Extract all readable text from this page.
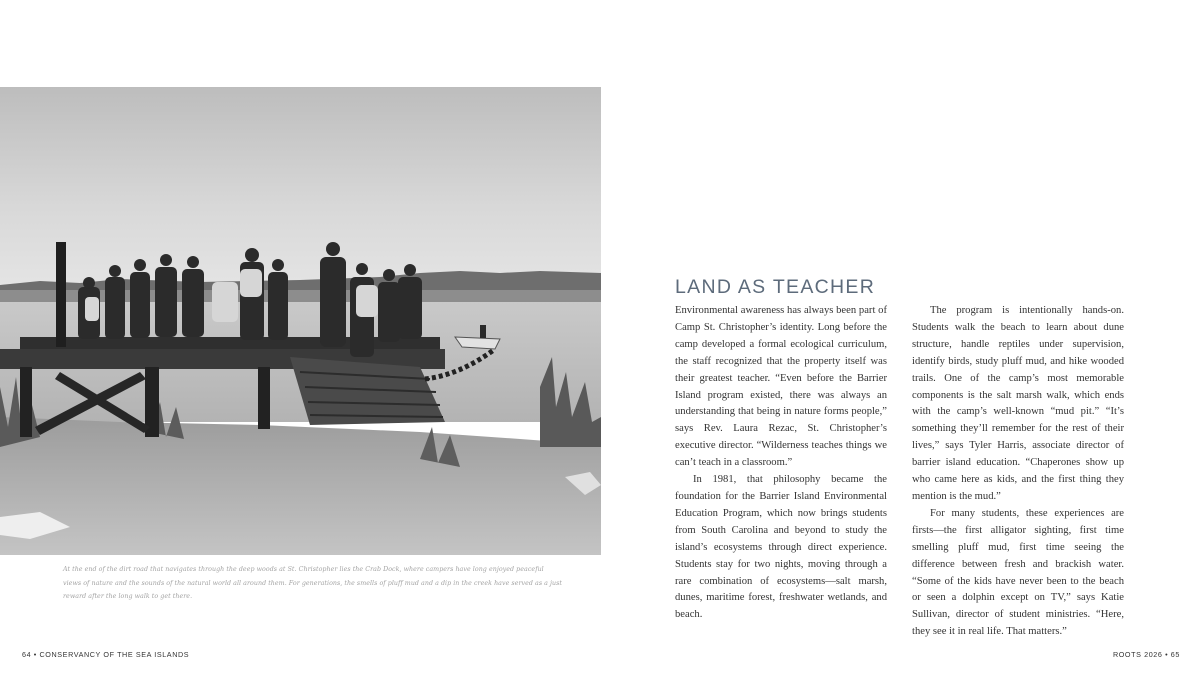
At the end of the dirt road that navigates through the deep woods at St. Christopher lies the Crab Dock, where campers have long enjoyed peaceful views of nature and the sounds of the natural world all around them. For generations, the smells of pluff mud and a dip in the creek have served as a just reward after the long walk to get there.
LAND AS TEACHER

Environmental awareness has always been part of Camp St. Christopher’s identity. Long before the camp developed a formal ecological curriculum, the staff recognized that the property itself was their greatest teacher. “Even before the Barrier Island program existed, there was always an understanding that being in nature forms people,” says Rev. Laura Rezac, St. Christopher’s executive director. “Wilderness teaches things we can’t teach in a classroom.”

In 1981, that philosophy became the foundation for the Barrier Island Environmental Education Program, which now brings students from South Carolina and beyond to study the island’s ecosystems through direct experience. Students stay for two nights, moving through a rare combination of ecosystems—salt marsh, dunes, maritime forest, freshwater wetlands, and beach.

The program is intentionally hands-on. Students walk the beach to learn about dune structure, handle reptiles under supervision, identify birds, study pluff mud, and hike wooded trails. One of the camp’s most memorable components is the salt marsh walk, which ends with the camp’s well-known “mud pit.” “It’s something they’ll remember for the rest of their lives,” says Tyler Harris, associate director of barrier island education. “Chaperones show up who came here as kids, and the first thing they mention is the mud.”

For many students, these experiences are firsts—the first alligator sighting, first time smelling pluff mud, first time seeing the difference between fresh and brackish water. “Some of the kids have never been to the beach or seen a dolphin except on TV,” says Katie Sullivan, director of student ministries. “Here, they see it in real life. That matters.”

64 • CONSERVANCY OF THE SEA ISLANDS	ROOTS 2026 • 65
